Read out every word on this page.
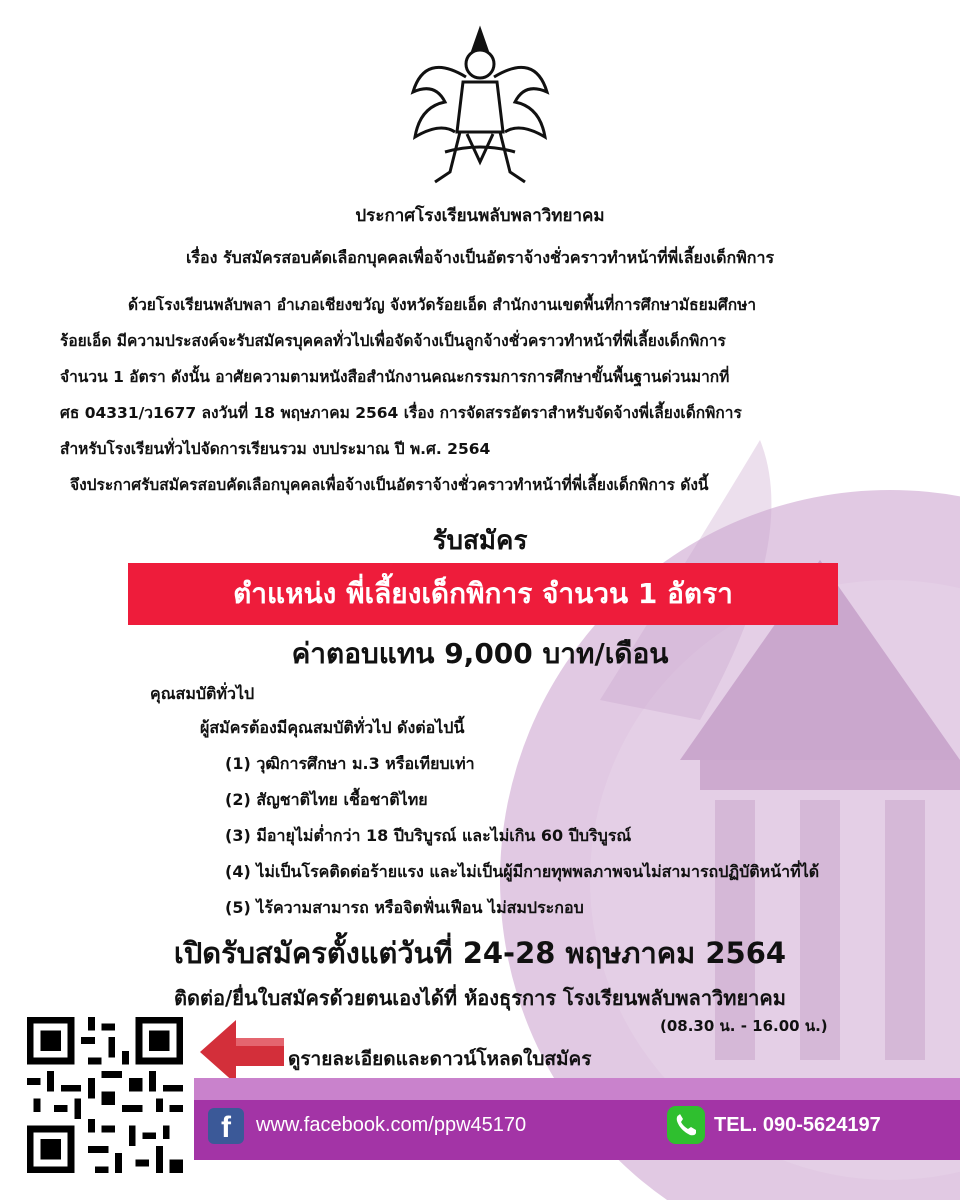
ประกาศโรงเรียนพลับพลาวิทยาคม
เรื่อง รับสมัครสอบคัดเลือกบุคคลเพื่อจ้างเป็นอัตราจ้างชั่วคราวทำหน้าที่พี่เลี้ยงเด็กพิการ
ด้วยโรงเรียนพลับพลา อำเภอเชียงขวัญ จังหวัดร้อยเอ็ด สำนักงานเขตพื้นที่การศึกษามัธยมศึกษา
ร้อยเอ็ด มีความประสงค์จะรับสมัครบุคคลทั่วไปเพื่อจัดจ้างเป็นลูกจ้างชั่วคราวทำหน้าที่พี่เลี้ยงเด็กพิการ
จำนวน 1 อัตรา ดังนั้น อาศัยความตามหนังสือสำนักงานคณะกรรมการการศึกษาขั้นพื้นฐานด่วนมากที่
ศธ 04331/ว1677 ลงวันที่ 18 พฤษภาคม 2564 เรื่อง การจัดสรรอัตราสำหรับจัดจ้างพี่เลี้ยงเด็กพิการ
สำหรับโรงเรียนทั่วไปจัดการเรียนรวม งบประมาณ ปี พ.ศ. 2564
จึงประกาศรับสมัครสอบคัดเลือกบุคคลเพื่อจ้างเป็นอัตราจ้างชั่วคราวทำหน้าที่พี่เลี้ยงเด็กพิการ ดังนี้
รับสมัคร
ตำแหน่ง พี่เลี้ยงเด็กพิการ จำนวน 1 อัตรา
ค่าตอบแทน 9,000 บาท/เดือน
คุณสมบัติทั่วไป
ผู้สมัครต้องมีคุณสมบัติทั่วไป ดังต่อไปนี้
(1) วุฒิการศึกษา ม.3 หรือเทียบเท่า
(2) สัญชาติไทย เชื้อชาติไทย
(3) มีอายุไม่ต่ำกว่า 18 ปีบริบูรณ์ และไม่เกิน 60 ปีบริบูรณ์
(4) ไม่เป็นโรคติดต่อร้ายแรง และไม่เป็นผู้มีกายทุพพลภาพจนไม่สามารถปฏิบัติหน้าที่ได้
(5) ไร้ความสามารถ หรือจิตฟั่นเฟือน ไม่สมประกอบ
เปิดรับสมัครตั้งแต่วันที่ 24-28 พฤษภาคม 2564
ติดต่อ/ยื่นใบสมัครด้วยตนเองได้ที่ ห้องธุรการ โรงเรียนพลับพลาวิทยาคม
(08.30 น. - 16.00 น.)
ดูรายละเอียดและดาวน์โหลดใบสมัคร
f	www.facebook.com/ppw45170	TEL. 090-5624197
